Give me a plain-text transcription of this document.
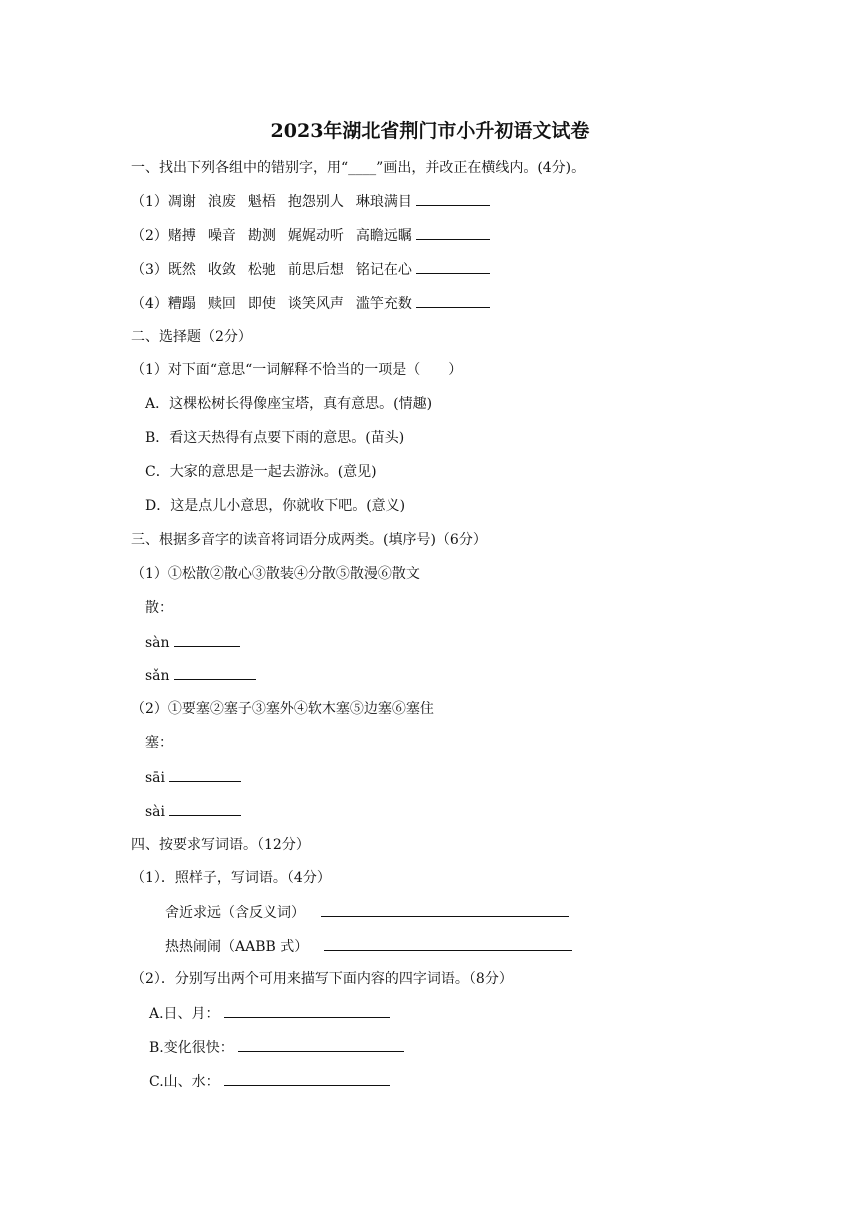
2023年湖北省荆门市小升初语文试卷
一、找出下列各组中的错别字，用“____”画出，并改正在横线内。(4分)。
（1）凋谢 浪废 魁梧 抱怨别人 琳琅满目
（2）赌搏 噪音 勘测 娓娓动听 高瞻远瞩
（3）既然 收敛 松驰 前思后想 铭记在心
（4）糟蹋 赎回 即使 谈笑风声 滥竽充数
二、选择题（2分）
（1）对下面“意思“一词解释不恰当的一项是（　　）
A．这棵松树长得像座宝塔，真有意思。(情趣)
B．看这天热得有点要下雨的意思。(苗头)
C．大家的意思是一起去游泳。(意见)
D．这是点儿小意思，你就收下吧。(意义)
三、根据多音字的读音将词语分成两类。(填序号)（6分）
（1）①松散②散心③散装④分散⑤散漫⑥散文
散：
sàn
sǎn
（2）①要塞②塞子③塞外④软木塞⑤边塞⑥塞住
塞：
sāi
sài
四、按要求写词语。（12分）
（1）．照样子，写词语。（4分）
舍近求远（含反义词）
热热闹闹（AABB 式）
（2）．分别写出两个可用来描写下面内容的四字词语。（8分）
A.日、月：
B.变化很快：
C.山、水：
